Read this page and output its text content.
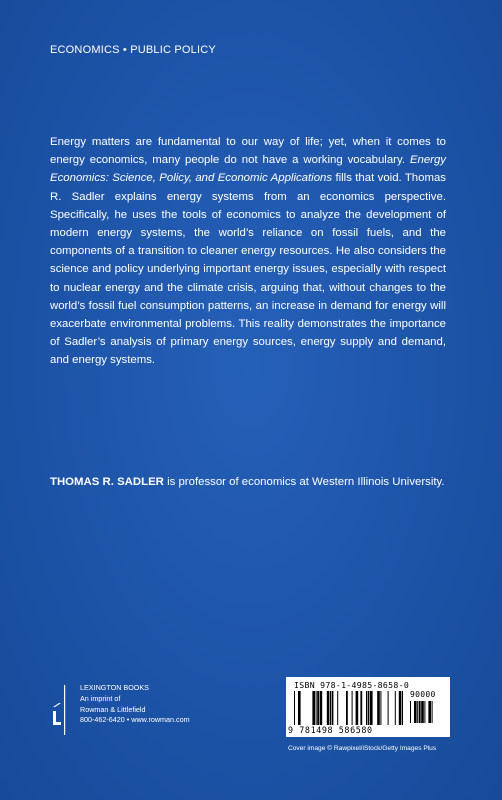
ECONOMICS • PUBLIC POLICY

Energy matters are fundamental to our way of life; yet, when it comes to energy economics, many people do not have a working vocabulary. Energy Economics: Science, Policy, and Economic Applications fills that void. Thomas R. Sadler explains energy systems from an economics perspective. Specifically, he uses the tools of economics to analyze the development of modern energy systems, the world’s reliance on fossil fuels, and the components of a transition to cleaner energy resources. He also considers the science and policy underlying important energy issues, especially with respect to nuclear energy and the climate crisis, arguing that, without changes to the world’s fossil fuel consumption patterns, an increase in demand for energy will exacerbate environmental problems. This reality demonstrates the importance of Sadler’s analysis of primary energy sources, energy supply and demand, and energy systems.

THOMAS R. SADLER is professor of economics at Western Illinois University.

LEXINGTON BOOKS
An imprint of
Rowman & Littlefield
800-462-6420 • www.rowman.com
ISBN 978-1-4985-8658-0
90000
9 781498 586580
Cover image © Rawpixel/iStock/Getty Images Plus
